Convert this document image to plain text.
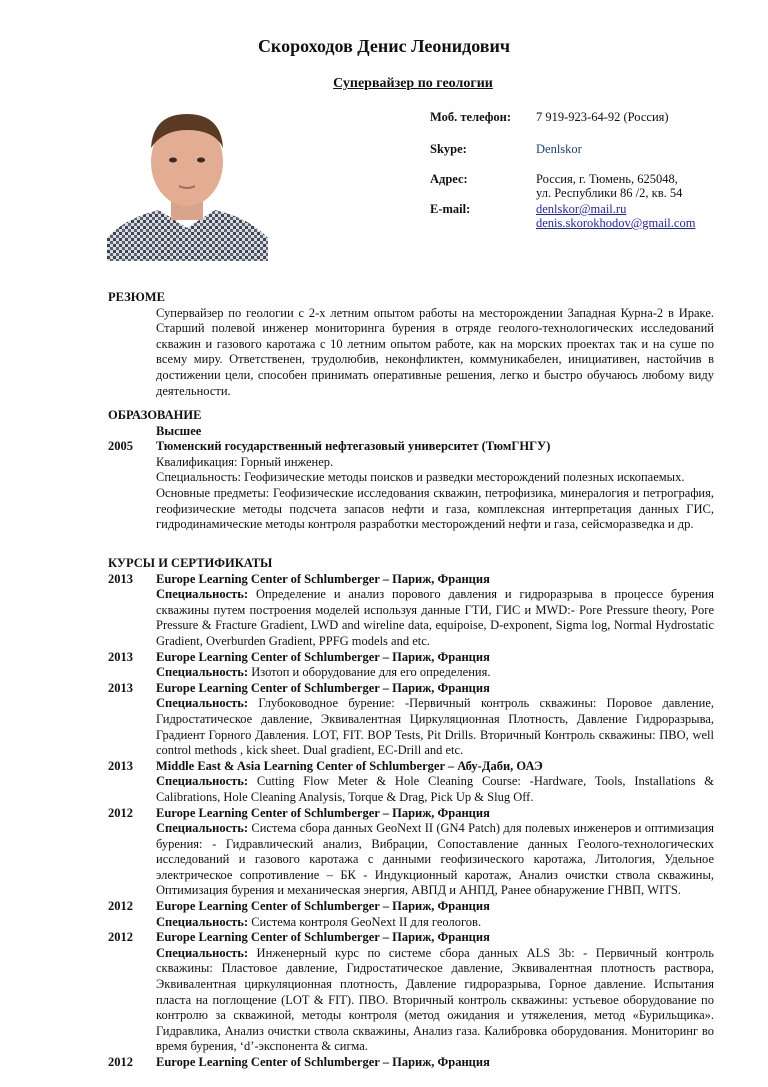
Скороходов Денис Леонидович
Супервайзер по геологии
Моб. телефон: 7 919-923-64-92 (Россия)
Skype:	Denlskor
Адрес:	Россия, г. Тюмень, 625048,
ул. Республики 86 /2, кв. 54
E-mail:	denlskor@mail.ru
denis.skorokhodov@gmail.com
РЕЗЮМЕ
Супервайзер по геологии с 2-х летним опытом работы на месторождении Западная Курна-2 в Ираке. Старший полевой инженер мониторинга бурения в отряде геолого-технологических исследований скважин и газового каротажа с 10 летним опытом работе, как на морских проектах так и на суше по всему миру. Ответственен, трудолюбив, неконфликтен, коммуникабелен, инициативен, настойчив в достижении цели, способен принимать оперативные решения, легко и быстро обучаюсь любому виду деятельности.
ОБРАЗОВАНИЕ
Высшее
2005	Тюменский государственный нефтегазовый университет (ТюмГНГУ)
Квалификация: Горный инженер.
Специальность: Геофизические методы поисков и разведки месторождений полезных ископаемых.
Основные предметы: Геофизические исследования скважин, петрофизика, минералогия и петрография, геофизические методы подсчета запасов нефти и газа, комплексная интерпретация данных ГИС, гидродинамические методы контроля разработки месторождений нефти и газа, сейсморазведка и др.
КУРСЫ И СЕРТИФИКАТЫ
2013	Europe Learning Center of Schlumberger – Париж, Франция
Специальность: Определение и анализ порового давления и гидроразрыва в процессе бурения скважины путем построения моделей используя данные ГТИ, ГИС и MWD:- Pore Pressure theory, Pore Pressure & Fracture Gradient, LWD and wireline data, equipoise, D-exponent, Sigma log, Normal Hydrostatic Gradient, Overburden Gradient, PPFG models and etc.
2013	Europe Learning Center of Schlumberger – Париж, Франция
Специальность: Изотоп и оборудование для его определения.
2013	Europe Learning Center of Schlumberger – Париж, Франция
Специальность: Глубоководное бурение: -Первичный контроль скважины: Поровое давление, Гидростатическое давление, Эквивалентная Циркуляционная Плотность, Давление Гидроразрыва, Градиент Горного Давления. LOT, FIT. BOP Tests, Pit Drills. Вторичный Контроль скважины: ПВО, well control methods , kick sheet. Dual gradient, EC-Drill and etc.
2013	Middle East & Asia Learning Center of Schlumberger – Абу-Даби, ОАЭ
Специальность: Cutting Flow Meter & Hole Cleaning Course: -Hardware, Tools, Installations & Calibrations, Hole Cleaning Analysis, Torque & Drag, Pick Up & Slug Off.
2012	Europe Learning Center of Schlumberger – Париж, Франция
Специальность: Система сбора данных GeoNext II (GN4 Patch) для полевых инженеров и оптимизация бурения: - Гидравлический анализ, Вибрации, Сопоставление данных Геолого-технологических исследований и газового каротажа с данными геофизического каротажа, Литология, Удельное электрическое сопротивление – БК - Индукционный каротаж, Анализ очистки ствола скважины, Оптимизация бурения и механическая энергия, АВПД и АНПД, Ранее обнаружение ГНВП, WITS.
2012	Europe Learning Center of Schlumberger – Париж, Франция
Специальность: Система контроля GeoNext II для геологов.
2012	Europe Learning Center of Schlumberger – Париж, Франция
Специальность: Инженерный курс по системе сбора данных ALS 3b: - Первичный контроль скважины: Пластовое давление, Гидростатическое давление, Эквивалентная плотность раствора, Эквивалентная циркуляционная плотность, Давление гидроразрыва, Горное давление. Испытания пласта на поглощение (LOT & FIT). ПВО. Вторичный контроль скважины: устьевое оборудование по контролю за скважиной, методы контроля (метод ожидания и утяжеления, метод «Бурильщика». Гидравлика, Анализ очистки ствола скважины, Анализ газа. Калибровка оборудования. Мониторинг во время бурения, ‘d’-экспонента & сигма.
2012	Europe Learning Center of Schlumberger – Париж, Франция
